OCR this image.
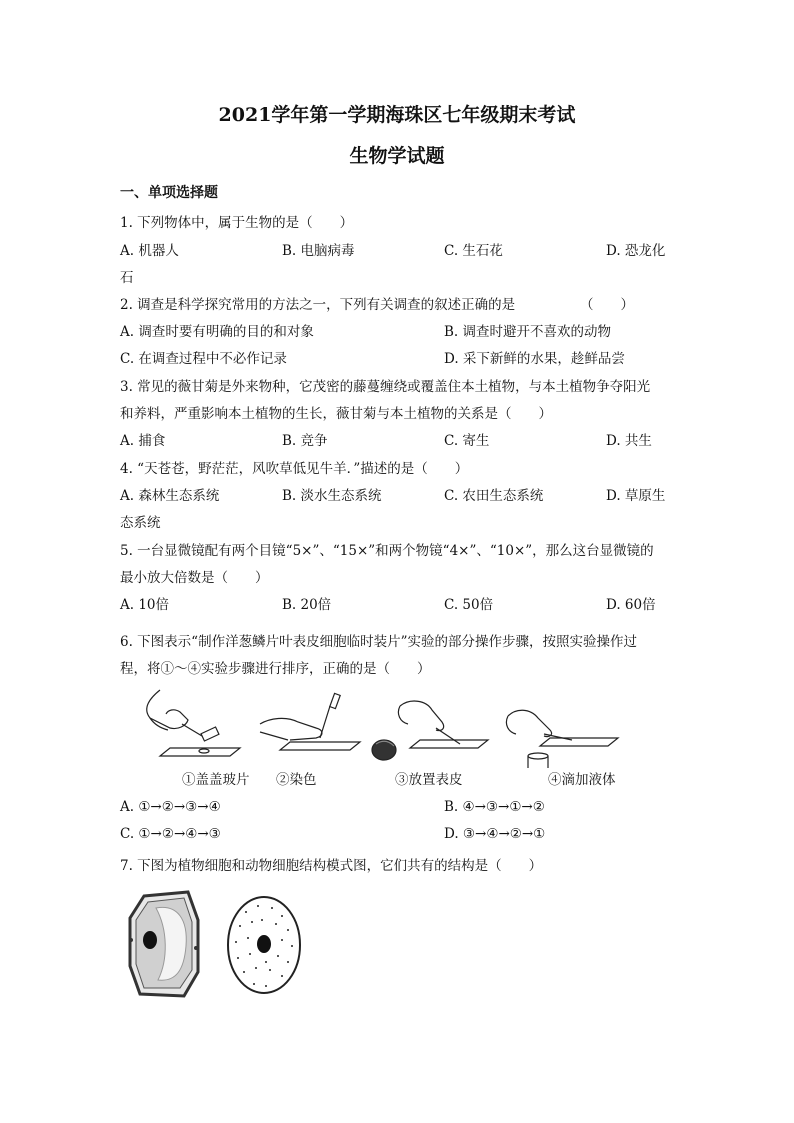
2021学年第一学期海珠区七年级期末考试
生物学试题
一、单项选择题
1. 下列物体中，属于生物的是（　　）
A. 机器人	B. 电脑病毒	C. 生石花	D. 恐龙化
石
2. 调查是科学探究常用的方法之一，下列有关调查的叙述正确的是	（　　）
A. 调查时要有明确的目的和对象	B. 调查时避开不喜欢的动物
C. 在调查过程中不必作记录	D. 采下新鲜的水果，趁鲜品尝
3. 常见的薇甘菊是外来物种，它茂密的藤蔓缠绕或覆盖住本土植物，与本土植物争夺阳光
和养料，严重影响本土植物的生长，薇甘菊与本土植物的关系是（　　）
A. 捕食	B. 竞争	C. 寄生	D. 共生
4. “天苍苍，野茫茫，风吹草低见牛羊．”描述的是（　　）
A. 森林生态系统	B. 淡水生态系统	C. 农田生态系统	D. 草原生
态系统
5. 一台显微镜配有两个目镜“5×”、“15×”和两个物镜“4×”、“10×”，那么这台显微镜的
最小放大倍数是（　　）
A. 10倍	B. 20倍	C. 50倍	D. 60倍
6. 下图表示“制作洋葱鳞片叶表皮细胞临时装片”实验的部分操作步骤，按照实验操作过
程，将①～④实验步骤进行排序，正确的是（　　）
①盖盖玻片 ②染色	③放置表皮	④滴加液体
A. ①→②→③→④	B. ④→③→①→②
C. ①→②→④→③	D. ③→④→②→①
7. 下图为植物细胞和动物细胞结构模式图，它们共有的结构是（　　）
